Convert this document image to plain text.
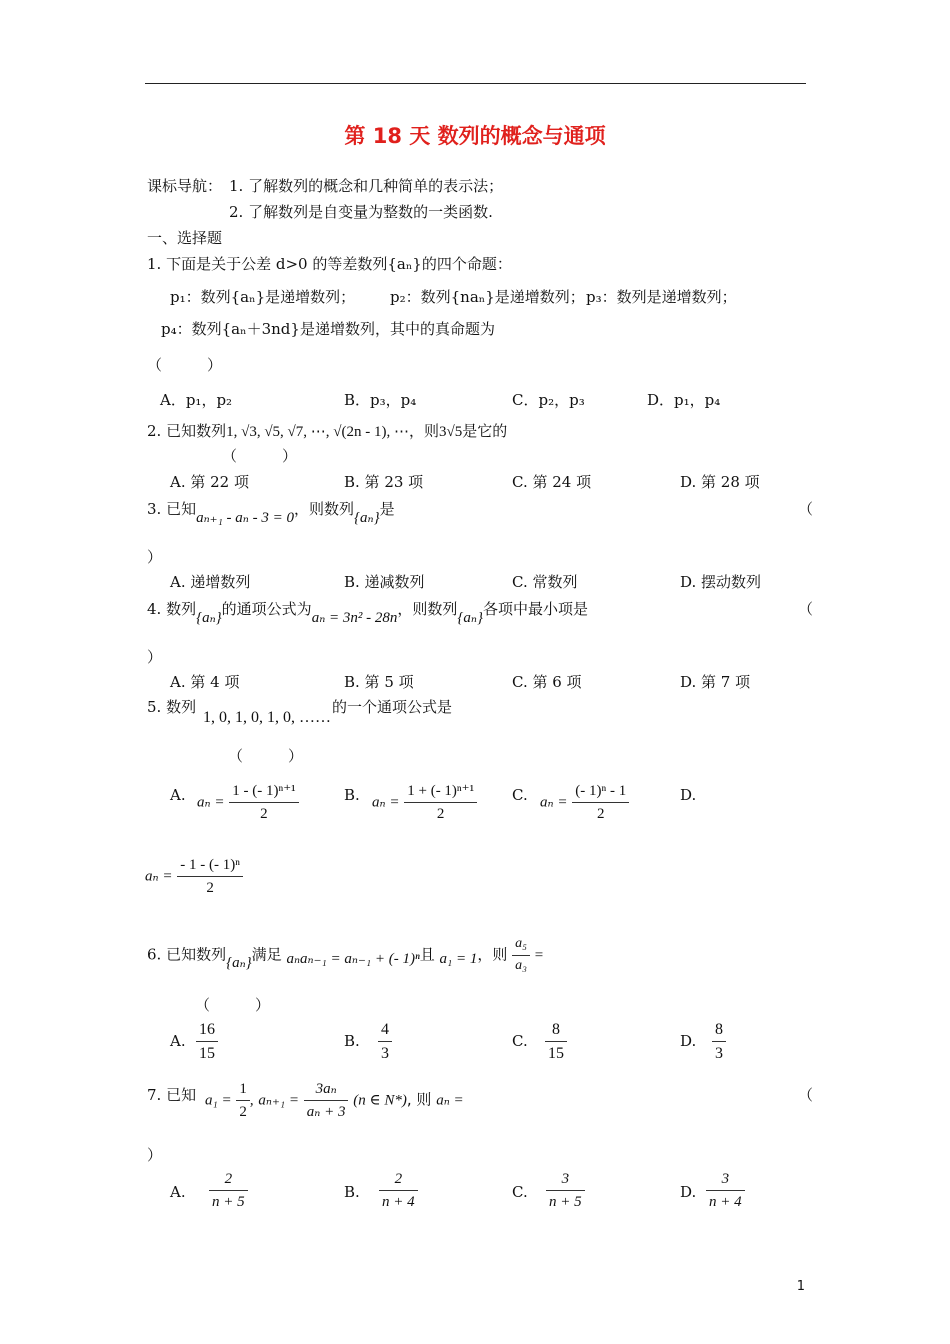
第 18 天 数列的概念与通项
课标导航： 1. 了解数列的概念和几种简单的表示法；
2. 了解数列是自变量为整数的一类函数.
一、选择题
1. 下面是关于公差 d>0 的等差数列{aₙ}的四个命题：
p₁：数列{aₙ}是递增数列； p₂：数列{naₙ}是递增数列； p₃：数列是递增数列；
p₄：数列{aₙ＋3nd}是递增数列，其中的真命题为
（　　　）
A．p₁，p₂	B．p₃，p₄	C．p₂，p₃	D．p₁，p₄
2. 已知数列1, √3, √5, √7, ⋯, √(2n - 1), ⋯，则3√5是它的
（　　　）
A. 第 22 项	B. 第 23 项	C. 第 24 项	D. 第 28 项
3. 已知aₙ₊₁ - aₙ - 3 = 0，则数列{aₙ}是	（
）
A. 递增数列	B. 递减数列	C. 常数列	D. 摆动数列
4. 数列{aₙ}的通项公式为aₙ = 3n² - 28n，则数列{aₙ}各项中最小项是	（
）
A. 第 4 项	B. 第 5 项	C. 第 6 项	D. 第 7 项
5. 数列
1, 0, 1, 0, 1, 0, ……
的一个通项公式是
（　　　）
A. $a_n = \frac{\text{1 - (- 1)ⁿ⁺¹}}{2}$	B. $a_n = \frac{\text{1 + (- 1)ⁿ⁺¹}}{2} C$. $a_n = \frac{\text{(- 1)ⁿ - 1}}{2}$	D.
$a_n = \frac{\text{- 1 - (- 1)ⁿ}}{2}$
6. 已知数列{aₙ}满足 aₙaₙ₋₁ = aₙ₋₁ + (- 1)ⁿ且 a₁ = 1，则 $\frac{\text{a₅}}{\text{a₃}}$ =
（　　　）
A. $\frac{16}{15}$	B. $\frac{4}{3}$	C. $\frac{8}{15}$	D. $\frac{8}{3}$
7. 已知 $a_1 = \frac{1}{2}$ , $a_{n+1} = \frac{\text{3aₙ}}{\text{aₙ + 3}} (n$ ∈ N*), 则 aₙ =	（
）
A. $\frac{2}{n + 5}$	B. $\frac{2}{n + 4}$	C. $\frac{3}{n + 5}$	D. $\frac{3}{n + 4}$
1
